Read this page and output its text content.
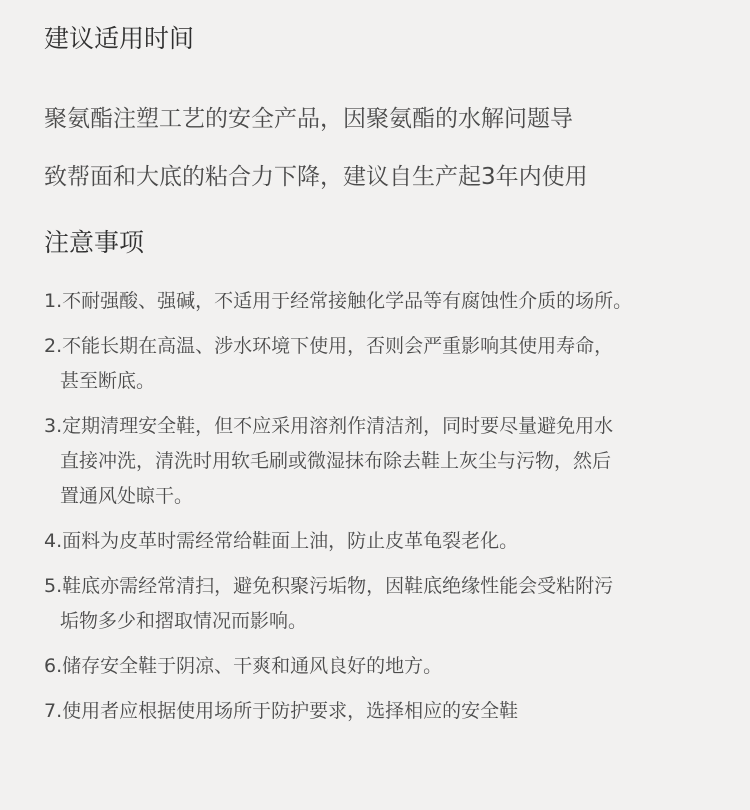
建议适用时间

聚氨酯注塑工艺的安全产品，因聚氨酯的水解问题导

致帮面和大底的粘合力下降，建议自生产起3年内使用

注意事项
1.不耐强酸、强碱，不适用于经常接触化学品等有腐蚀性介质的场所。
2.不能长期在高温、涉水环境下使用，否则会严重影响其使用寿命，
甚至断底。
3.定期清理安全鞋，但不应采用溶剂作清洁剂，同时要尽量避免用水
直接冲洗，清洗时用软毛刷或微湿抹布除去鞋上灰尘与污物，然后
置通风处晾干。
4.面料为皮革时需经常给鞋面上油，防止皮革龟裂老化。
5.鞋底亦需经常清扫，避免积聚污垢物，因鞋底绝缘性能会受粘附污
垢物多少和摺取情况而影响。
6.储存安全鞋于阴凉、干爽和通风良好的地方。
7.使用者应根据使用场所于防护要求，选择相应的安全鞋
